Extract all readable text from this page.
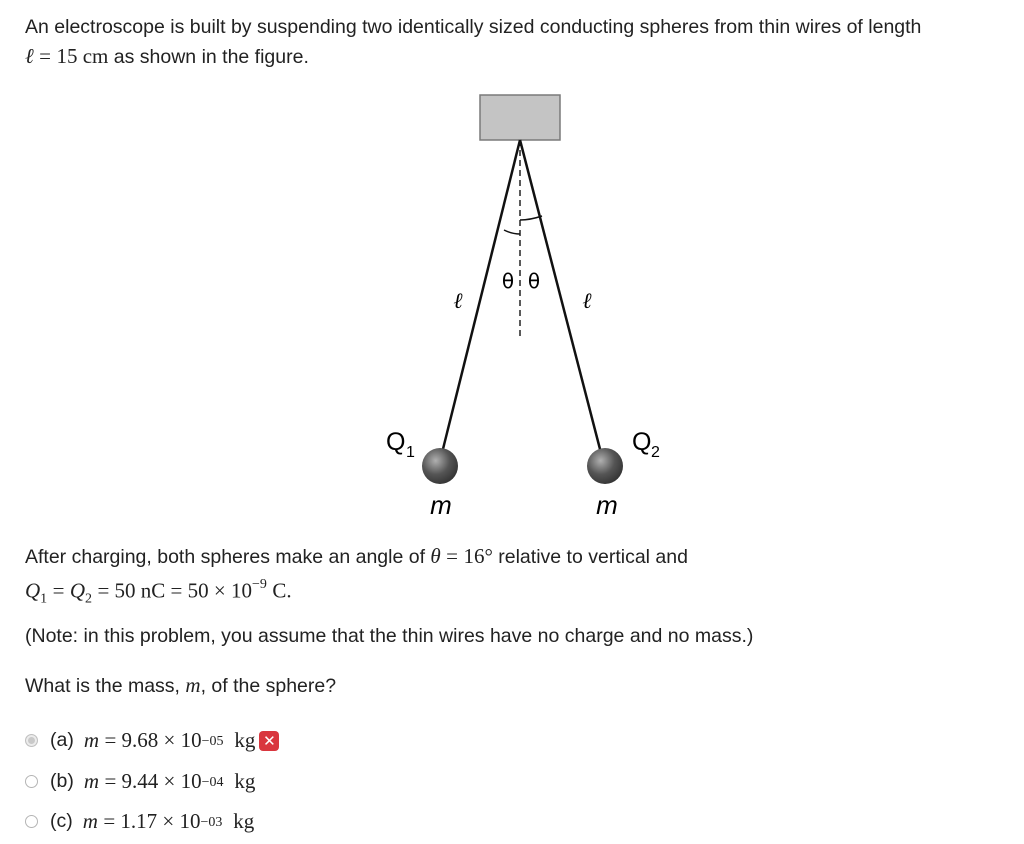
An electroscope is built by suspending two identically sized conducting spheres from thin wires of length
ℓ = 15 cm as shown in the figure.

θ θ
ℓ	ℓ
Q 1	Q 2
m	m

After charging, both spheres make an angle of θ = 16° relative to vertical and
$Q_1 = Q_2 = 50$ nC = $50 \times 10^{-9}$ C.

(Note: in this problem, you assume that the thin wires have no charge and no mass.)

What is the mass, m, of the sphere?

(a) m
= $9.68 \times 10^{-05}$
kg ✕
(b) m
= $9.44 \times 10^{-04}$
kg
(c) m
= $1.17 \times 10^{-03}$
kg
